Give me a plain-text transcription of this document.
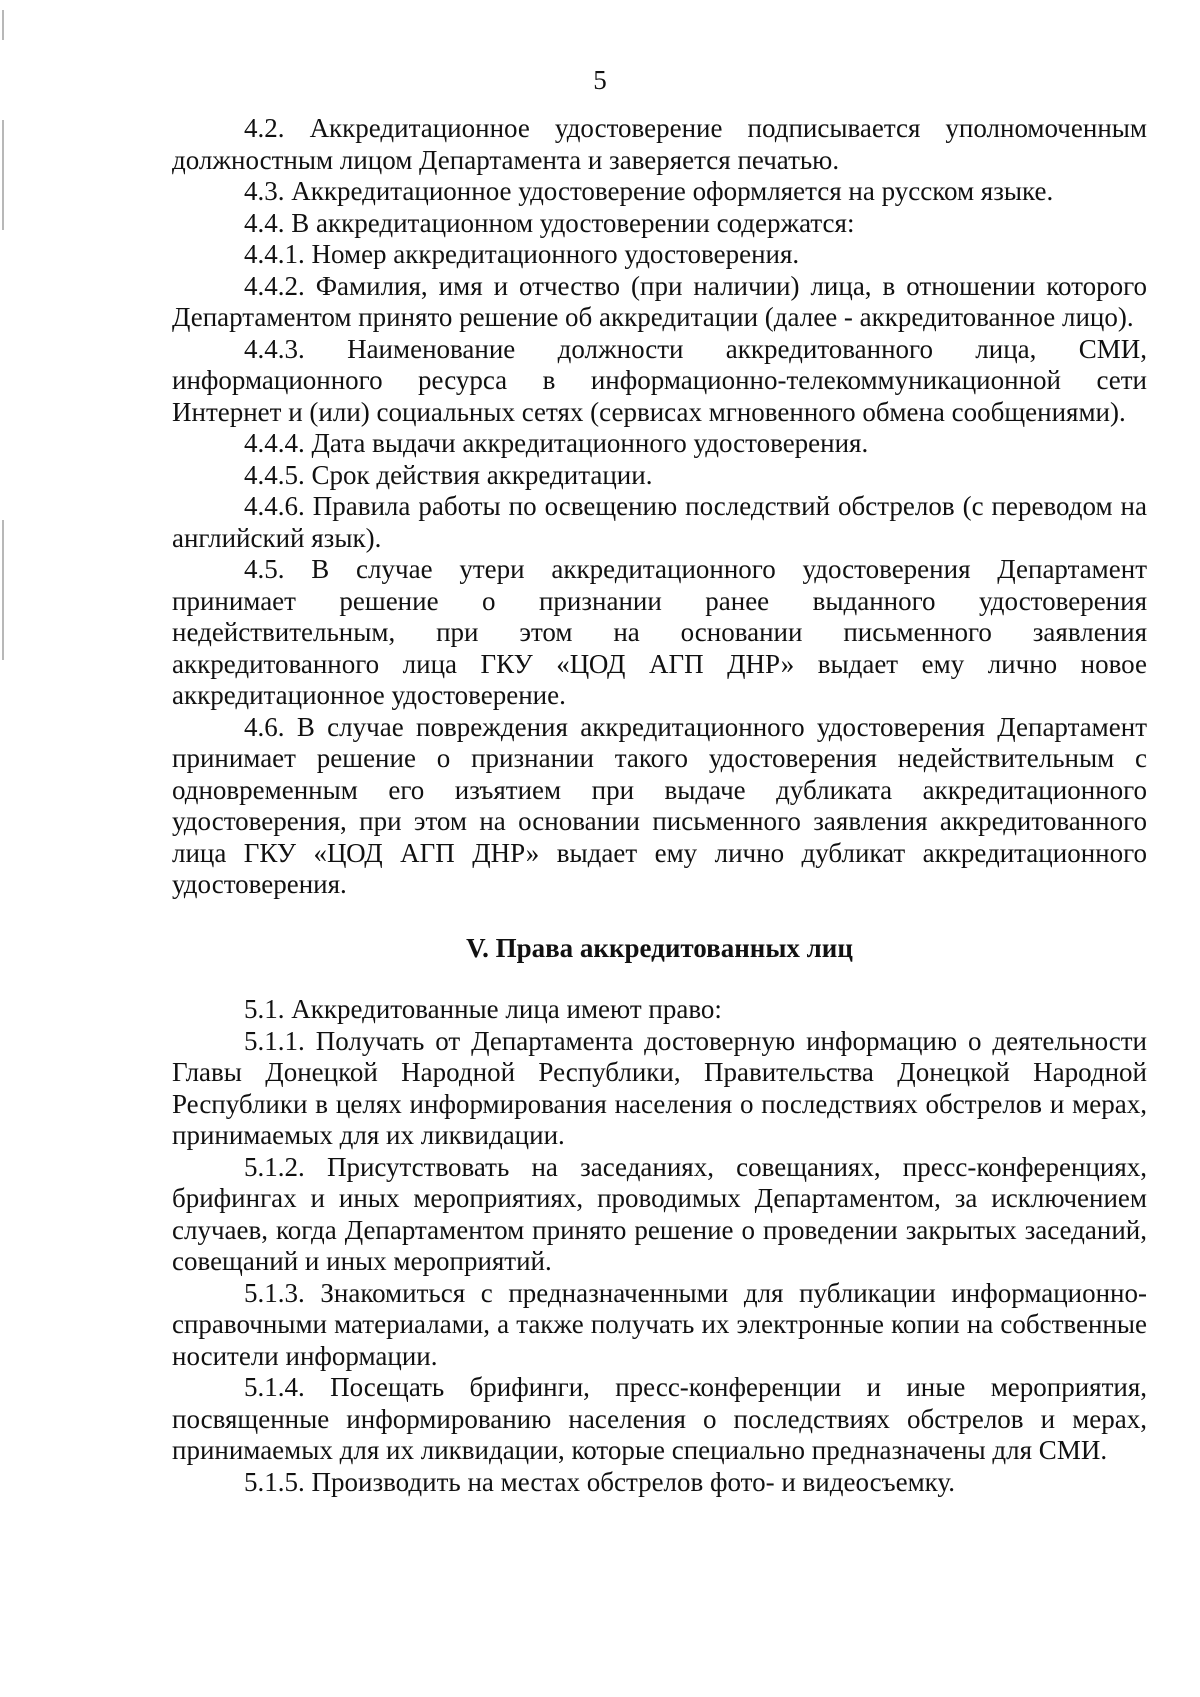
5

4.2. Аккредитационное удостоверение подписывается уполномоченным должностным лицом Департамента и заверяется печатью.

4.3. Аккредитационное удостоверение оформляется на русском языке.

4.4. В аккредитационном удостоверении содержатся:

4.4.1. Номер аккредитационного удостоверения.

4.4.2. Фамилия, имя и отчество (при наличии) лица, в отношении которого Департаментом принято решение об аккредитации (далее - аккредитованное лицо).

4.4.3. Наименование должности аккредитованного лица, СМИ, информационного ресурса в информационно-телекоммуникационной сети Интернет и (или) социальных сетях (сервисах мгновенного обмена сообщениями).

4.4.4. Дата выдачи аккредитационного удостоверения.

4.4.5. Срок действия аккредитации.

4.4.6. Правила работы по освещению последствий обстрелов (с переводом на английский язык).

4.5. В случае утери аккредитационного удостоверения Департамент принимает решение о признании ранее выданного удостоверения недействительным, при этом на основании письменного заявления аккредитованного лица ГКУ «ЦОД АГП ДНР» выдает ему лично новое аккредитационное удостоверение.

4.6. В случае повреждения аккредитационного удостоверения Департамент принимает решение о признании такого удостоверения недействительным с одновременным его изъятием при выдаче дубликата аккредитационного удостоверения, при этом на основании письменного заявления аккредитованного лица ГКУ «ЦОД АГП ДНР» выдает ему лично дубликат аккредитационного удостоверения.

V. Права аккредитованных лиц

5.1. Аккредитованные лица имеют право:

5.1.1. Получать от Департамента достоверную информацию о деятельности Главы Донецкой Народной Республики, Правительства Донецкой Народной Республики в целях информирования населения о последствиях обстрелов и мерах, принимаемых для их ликвидации.

5.1.2. Присутствовать на заседаниях, совещаниях, пресс-конференциях, брифингах и иных мероприятиях, проводимых Департаментом, за исключением случаев, когда Департаментом принято решение о проведении закрытых заседаний, совещаний и иных мероприятий.

5.1.3. Знакомиться с предназначенными для публикации информационно-справочными материалами, а также получать их электронные копии на собственные носители информации.

5.1.4. Посещать брифинги, пресс-конференции и иные мероприятия, посвященные информированию населения о последствиях обстрелов и мерах, принимаемых для их ликвидации, которые специально предназначены для СМИ.

5.1.5. Производить на местах обстрелов фото- и видеосъемку.
